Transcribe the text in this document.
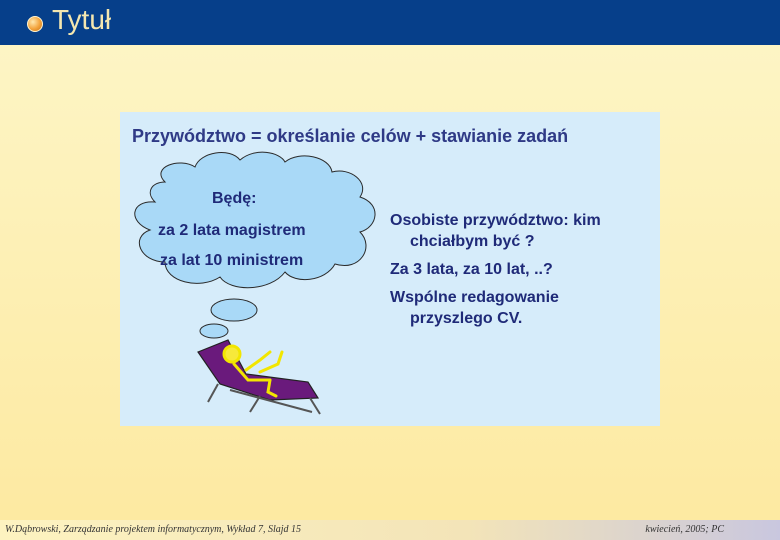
Tytuł
Przywództwo = określanie celów + stawianie zadań
Będę:
za 2 lata magistrem
za lat 10 ministrem
Osobiste przywództwo: kim
chciałbym być ?
Za 3 lata, za 10 lat, ..?
Wspólne redagowanie
przyszlego CV.
W.Dąbrowski, Zarządzanie projektem informatycznym, Wykład 7, Slajd 15	kwiecień, 2005; PC
